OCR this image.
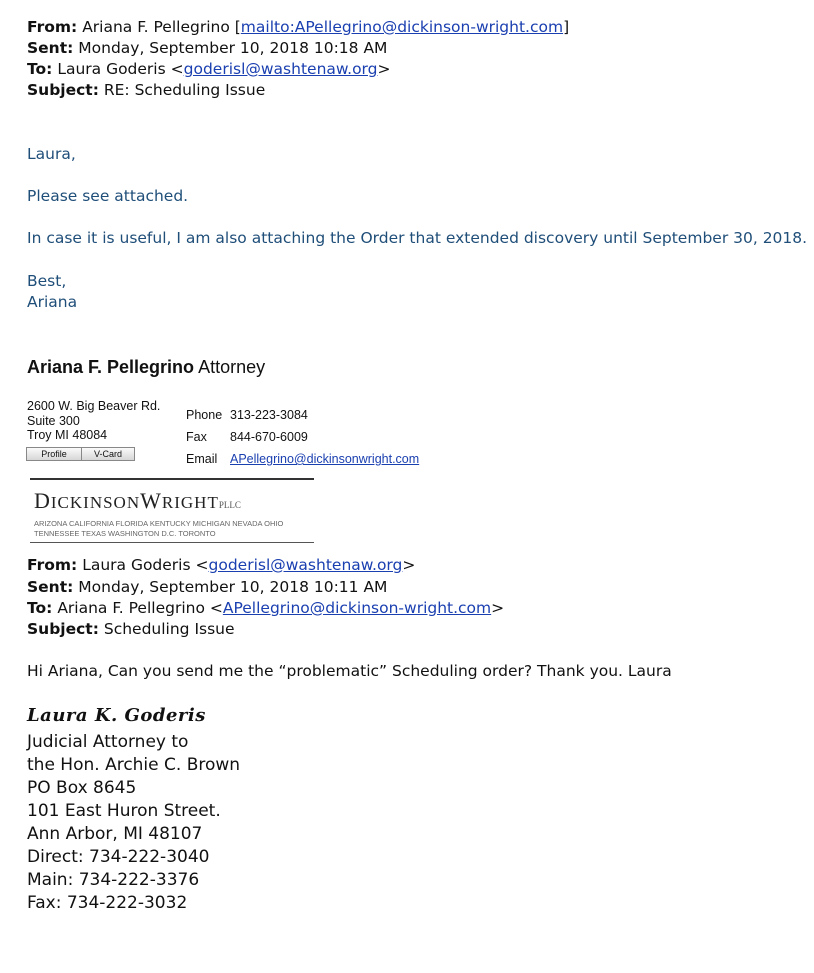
From: Ariana F. Pellegrino [mailto:APellegrino@dickinson-wright.com]
Sent: Monday, September 10, 2018 10:18 AM
To: Laura Goderis <goderisl@washtenaw.org>
Subject: RE: Scheduling Issue
Laura,
Please see attached.
In case it is useful, I am also attaching the Order that extended discovery until September 30, 2018.
Best,
Ariana
Ariana F. Pellegrino Attorney
2600 W. Big Beaver Rd.
Suite 300
Troy MI 48084
Phone 313-223-3084
Fax 844-670-6009
Email APellegrino@dickinsonwright.com
Profile	V-Card
DICKINSONWRIGHTPLLC
ARIZONA CALIFORNIA FLORIDA KENTUCKY MICHIGAN NEVADA OHIO
TENNESSEE TEXAS WASHINGTON D.C. TORONTO
From: Laura Goderis <goderisl@washtenaw.org>
Sent: Monday, September 10, 2018 10:11 AM
To: Ariana F. Pellegrino <APellegrino@dickinson-wright.com>
Subject: Scheduling Issue
Hi Ariana, Can you send me the “problematic” Scheduling order? Thank you. Laura
Laura K. Goderis
Judicial Attorney to
the Hon. Archie C. Brown
PO Box 8645
101 East Huron Street.
Ann Arbor, MI 48107
Direct: 734-222-3040
Main: 734-222-3376
Fax: 734-222-3032
